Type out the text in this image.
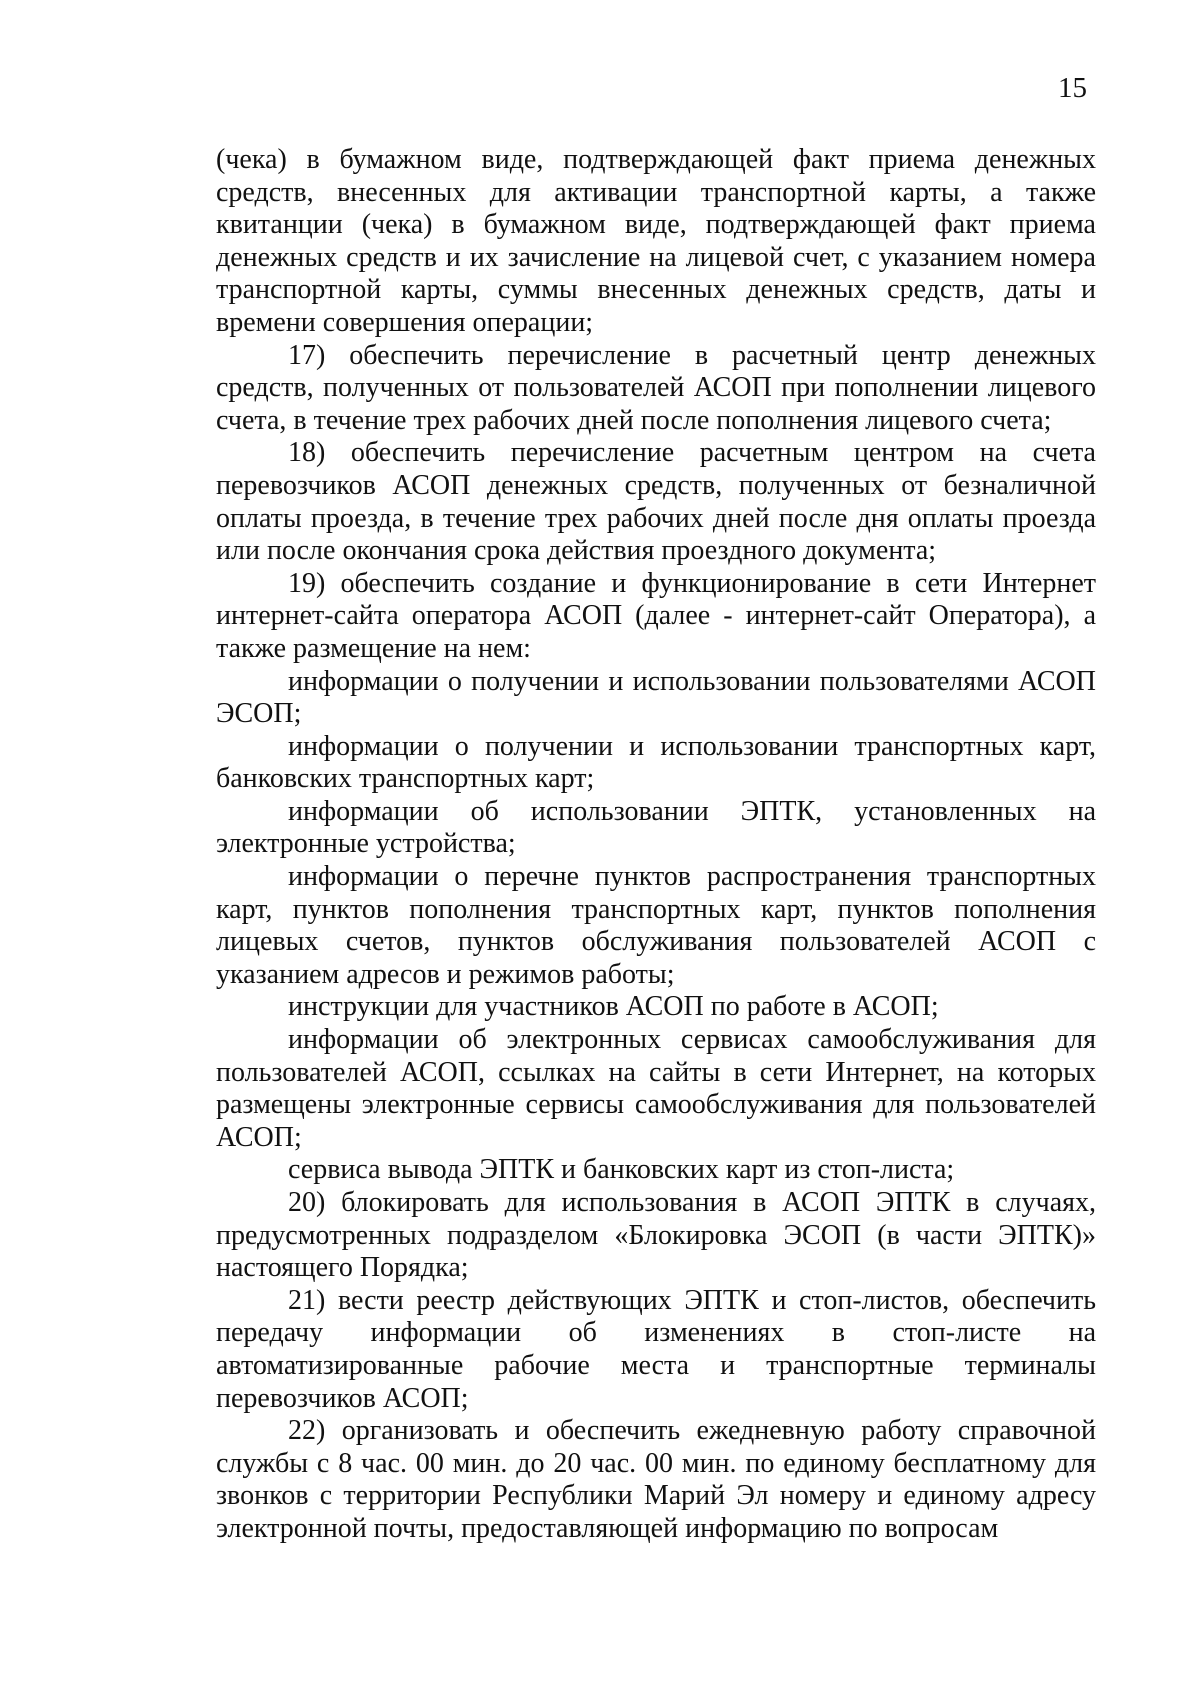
15

(чека) в бумажном виде, подтверждающей факт приема денежных средств, внесенных для активации транспортной карты, а также квитанции (чека) в бумажном виде, подтверждающей факт приема денежных средств и их зачисление на лицевой счет, с указанием номера транспортной карты, суммы внесенных денежных средств, даты и времени совершения операции;

17) обеспечить перечисление в расчетный центр денежных средств, полученных от пользователей АСОП при пополнении лицевого счета, в течение трех рабочих дней после пополнения лицевого счета;

18) обеспечить перечисление расчетным центром на счета перевозчиков АСОП денежных средств, полученных от безналичной оплаты проезда, в течение трех рабочих дней после дня оплаты проезда или после окончания срока действия проездного документа;

19) обеспечить создание и функционирование в сети Интернет интернет-сайта оператора АСОП (далее - интернет-сайт Оператора), а также размещение на нем:

информации о получении и использовании пользователями АСОП ЭСОП;

информации о получении и использовании транспортных карт, банковских транспортных карт;

информации об использовании ЭПТК, установленных на электронные устройства;

информации о перечне пунктов распространения транспортных карт, пунктов пополнения транспортных карт, пунктов пополнения лицевых счетов, пунктов обслуживания пользователей АСОП с указанием адресов и режимов работы;

инструкции для участников АСОП по работе в АСОП;

информации об электронных сервисах самообслуживания для пользователей АСОП, ссылках на сайты в сети Интернет, на которых размещены электронные сервисы самообслуживания для пользователей АСОП;

сервиса вывода ЭПТК и банковских карт из стоп-листа;

20) блокировать для использования в АСОП ЭПТК в случаях, предусмотренных подразделом «Блокировка ЭСОП (в части ЭПТК)» настоящего Порядка;

21) вести реестр действующих ЭПТК и стоп-листов, обеспечить передачу информации об изменениях в стоп-листе на автоматизированные рабочие места и транспортные терминалы перевозчиков АСОП;

22) организовать и обеспечить ежедневную работу справочной службы с 8 час. 00 мин. до 20 час. 00 мин. по единому бесплатному для звонков с территории Республики Марий Эл номеру и единому адресу электронной почты, предоставляющей информацию по вопросам
